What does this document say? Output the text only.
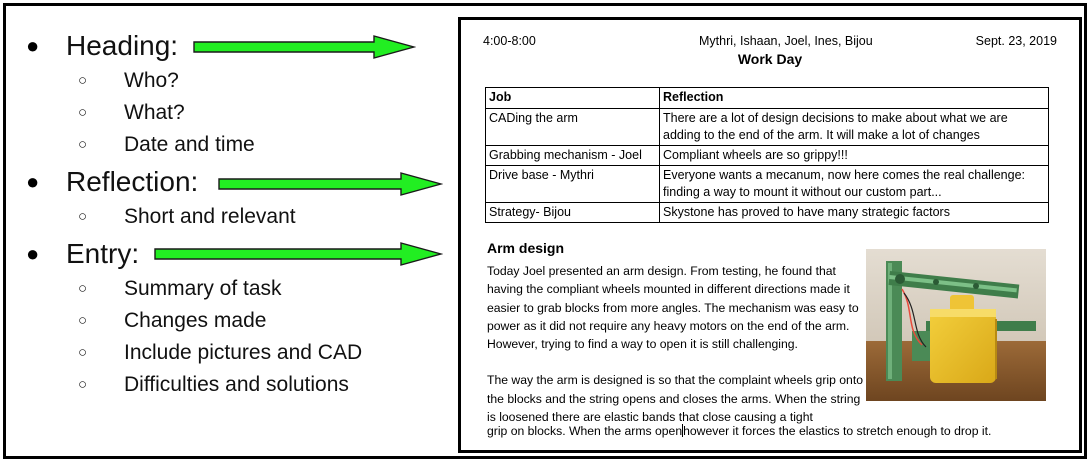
● Heading:
○	Who?
○	What?
○	Date and time
● Reflection:
○	Short and relevant
● Entry:
○	Summary of task
○	Changes made
○	Include pictures and CAD
○	Difficulties and solutions
4:00-8:00	Mythri, Ishaan, Joel, Ines, Bijou	Sept. 23, 2019
Work Day
Job	Reflection
CADing the arm	There are a lot of design decisions to make about what we are adding to the end of the arm. It will make a lot of changes
Grabbing mechanism - Joel	Compliant wheels are so grippy!!!
Drive base - Mythri	Everyone wants a mecanum, now here comes the real challenge: finding a way to mount it without our custom part...
Strategy- Bijou	Skystone has proved to have many strategic factors
Arm design

Today Joel presented an arm design. From testing, he found that having the compliant wheels mounted in different directions made it easier to grab blocks from more angles. The mechanism was easy to power as it did not require any heavy motors on the end of the arm. However, trying to find a way to open it is still challenging.

The way the arm is designed is so that the complaint wheels grip onto the blocks and the string opens and closes the arms. When the string is loosened there are elastic bands that close causing a tight

grip on blocks. When the arms openhowever it forces the elastics to stretch enough to drop it.
